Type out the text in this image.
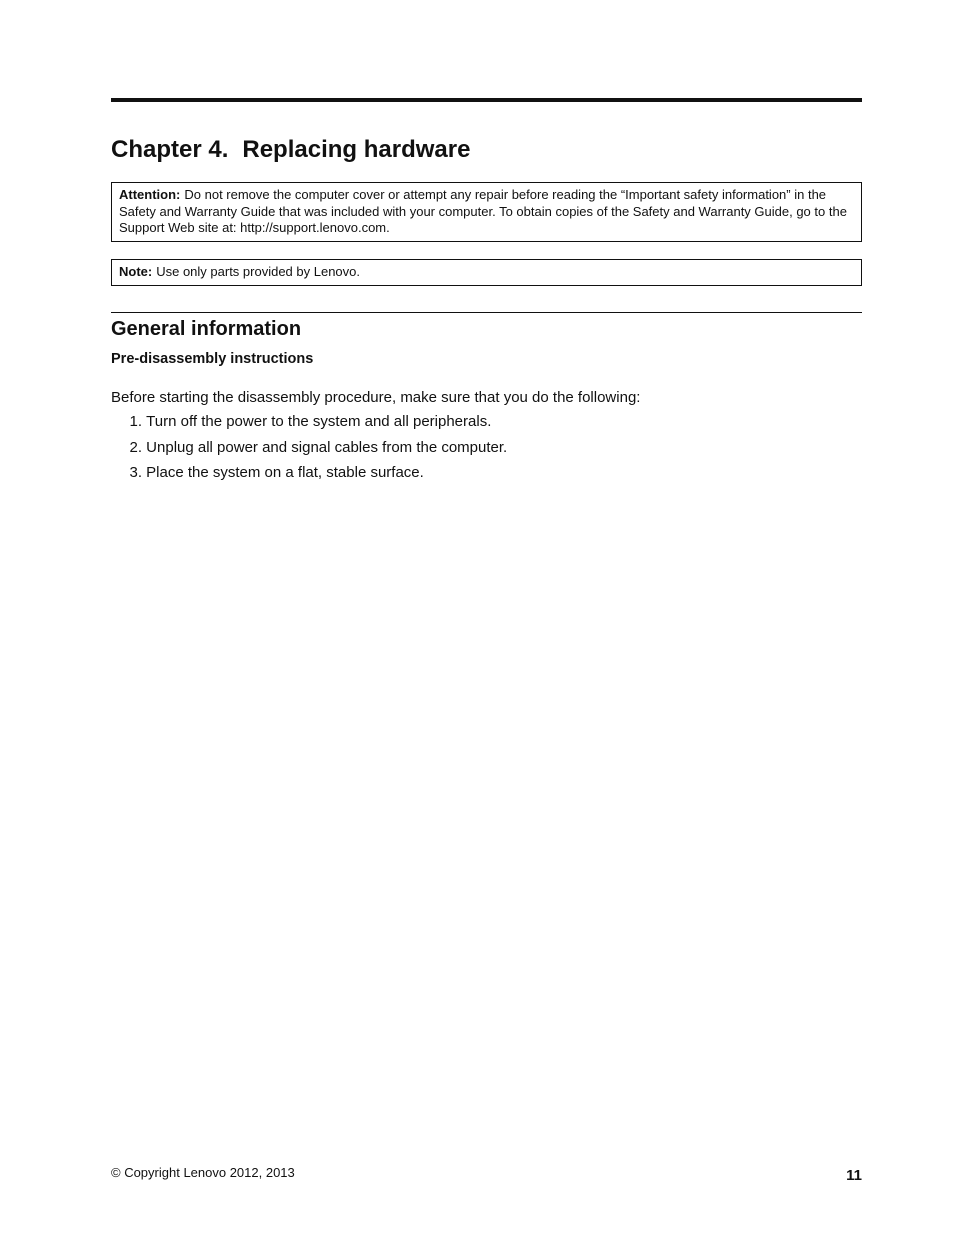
Chapter 4. Replacing hardware
Attention: Do not remove the computer cover or attempt any repair before reading the “Important safety information” in the Safety and Warranty Guide that was included with your computer. To obtain copies of the Safety and Warranty Guide, go to the Support Web site at: http://support.lenovo.com.
Note: Use only parts provided by Lenovo.
General information
Pre-disassembly instructions

Before starting the disassembly procedure, make sure that you do the following:

1. Turn off the power to the system and all peripherals.
2. Unplug all power and signal cables from the computer.
3. Place the system on a flat, stable surface.
© Copyright Lenovo 2012, 2013	11
